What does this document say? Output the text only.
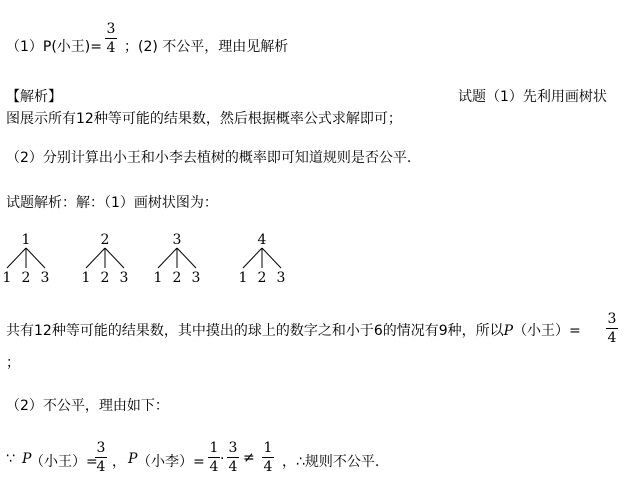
（1）P(小王)=
3
4 ；(2) 不公平，理由见解析
【解析】	试题（1）先利用画树状
图展示所有12种等可能的结果数，然后根据概率公式求解即可；
（2）分别计算出小王和小李去植树的概率即可知道规则是否公平.
试题解析：解：（1）画树状图为：
1
1 2 3
2
1 2 3
3
1 2 3
4
1 2 3
共有12种等可能的结果数，其中摸出的球上的数字之和小于6的情况有9种，所以P（小王）=
3
4
；
（2）不公平，理由如下：
∵ P
（小王）=
3
4 ， P （小李）=
1
4 ·
3
4
≠
1
4 ，∴规则不公平.
